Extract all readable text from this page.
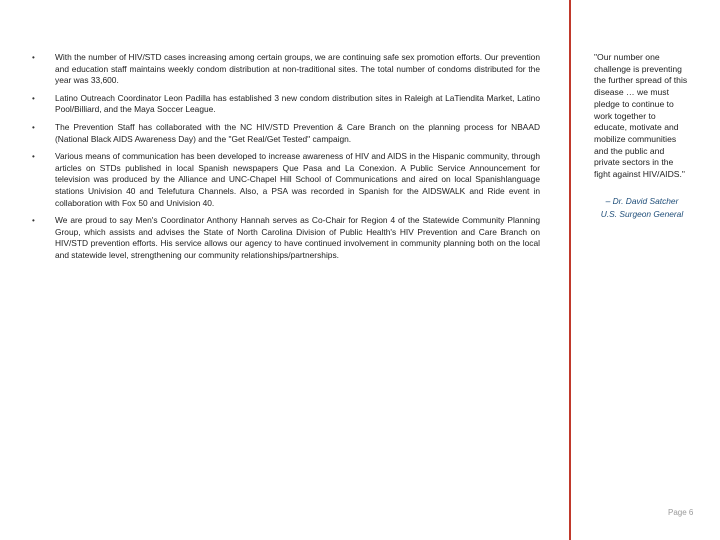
• With the number of HIV/STD cases increasing among certain groups, we are continuing safe sex promotion efforts. Our prevention and education staff maintains weekly condom distribution at non-traditional sites. The total number of condoms distributed for the year was 33,600.
• Latino Outreach Coordinator Leon Padilla has established 3 new condom distribution sites in Raleigh at LaTiendita Market, Latino Pool/Billiard, and the Maya Soccer League.
• The Prevention Staff has collaborated with the NC HIV/STD Prevention & Care Branch on the planning process for NBAAD (National Black AIDS Awareness Day) and the "Get Real/Get Tested" campaign.
• Various means of communication has been developed to increase awareness of HIV and AIDS in the Hispanic community, through articles on STDs published in local Spanish newspapers Que Pasa and La Conexion. A Public Service Announcement for television was produced by the Alliance and UNC-Chapel Hill School of Communications and aired on local Spanishlanguage stations Univision 40 and Telefutura Channels. Also, a PSA was recorded in Spanish for the AIDSWALK and Ride event in collaboration with Fox 50 and Univision 40.
• We are proud to say Men's Coordinator Anthony Hannah serves as Co-Chair for Region 4 of the Statewide Community Planning Group, which assists and advises the State of North Carolina Division of Public Health's HIV Prevention and Care Branch on HIV/STD prevention efforts. His service allows our agency to have continued involvement in community planning both on the local and statewide level, strengthening our community relationships/partnerships.

"Our number one challenge is preventing the further spread of this disease … we must pledge to continue to work together to educate, motivate and mobilize communities and the public and private sectors in the fight against HIV/AIDS."

– Dr. David Satcher
U.S. Surgeon General
Page 6
